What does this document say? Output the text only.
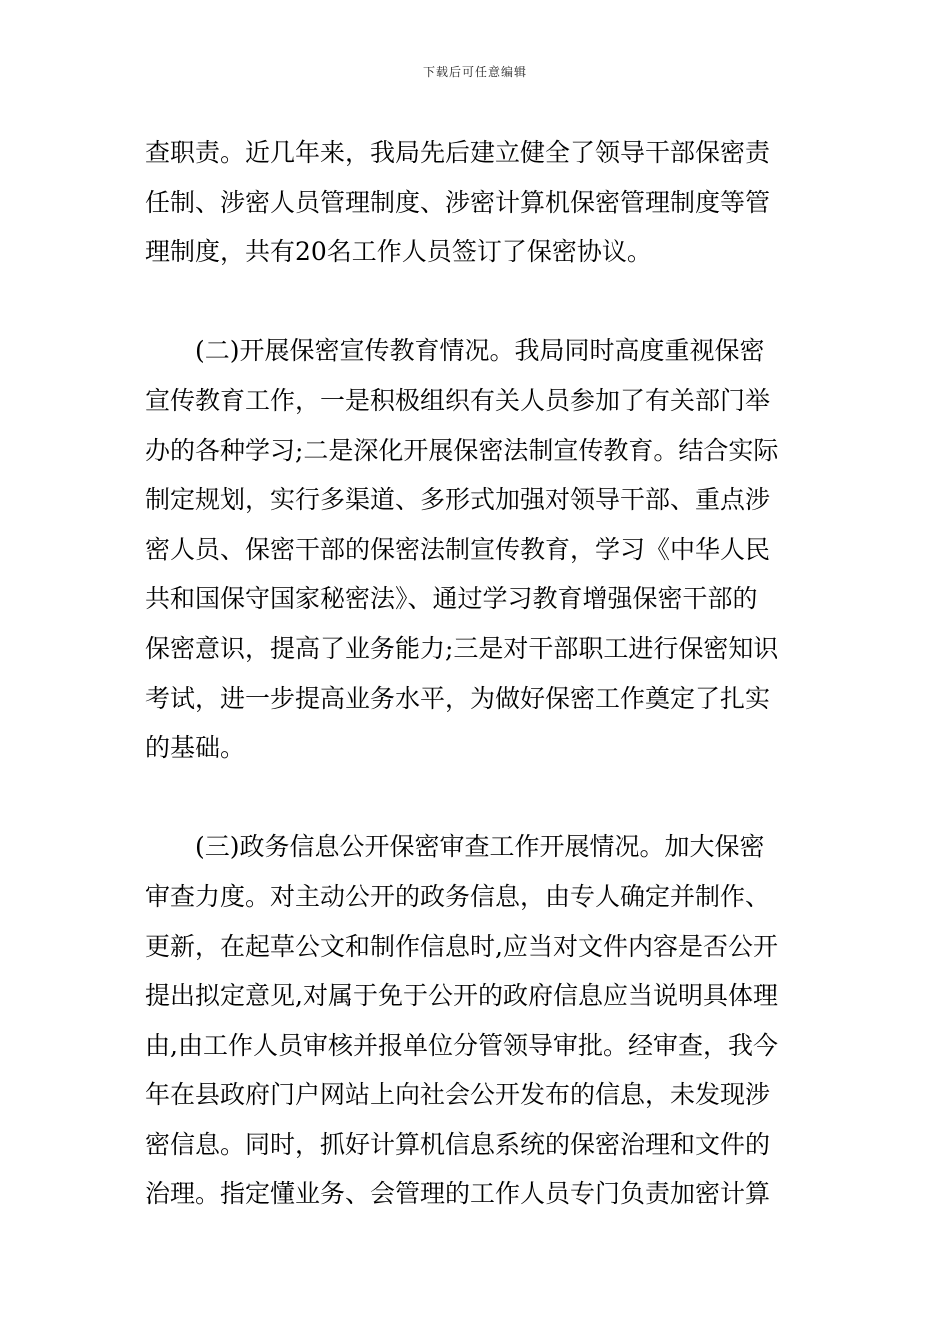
下载后可任意编辑
查职责。近几年来，我局先后建立健全了领导干部保密责
任制、涉密人员管理制度、涉密计算机保密管理制度等管
理制度，共有20名工作人员签订了保密协议。
(二)开展保密宣传教育情况。我局同时高度重视保密
宣传教育工作，一是积极组织有关人员参加了有关部门举
办的各种学习;二是深化开展保密法制宣传教育。结合实际
制定规划，实行多渠道、多形式加强对领导干部、重点涉
密人员、保密干部的保密法制宣传教育，学习《中华人民
共和国保守国家秘密法》、通过学习教育增强保密干部的
保密意识，提高了业务能力;三是对干部职工进行保密知识
考试，进一步提高业务水平，为做好保密工作奠定了扎实
的基础。
(三)政务信息公开保密审查工作开展情况。加大保密
审查力度。对主动公开的政务信息，由专人确定并制作、
更新，在起草公文和制作信息时,应当对文件内容是否公开
提出拟定意见,对属于免于公开的政府信息应当说明具体理
由,由工作人员审核并报单位分管领导审批。经审查，我今
年在县政府门户网站上向社会公开发布的信息，未发现涉
密信息。同时，抓好计算机信息系统的保密治理和文件的
治理。指定懂业务、会管理的工作人员专门负责加密计算
